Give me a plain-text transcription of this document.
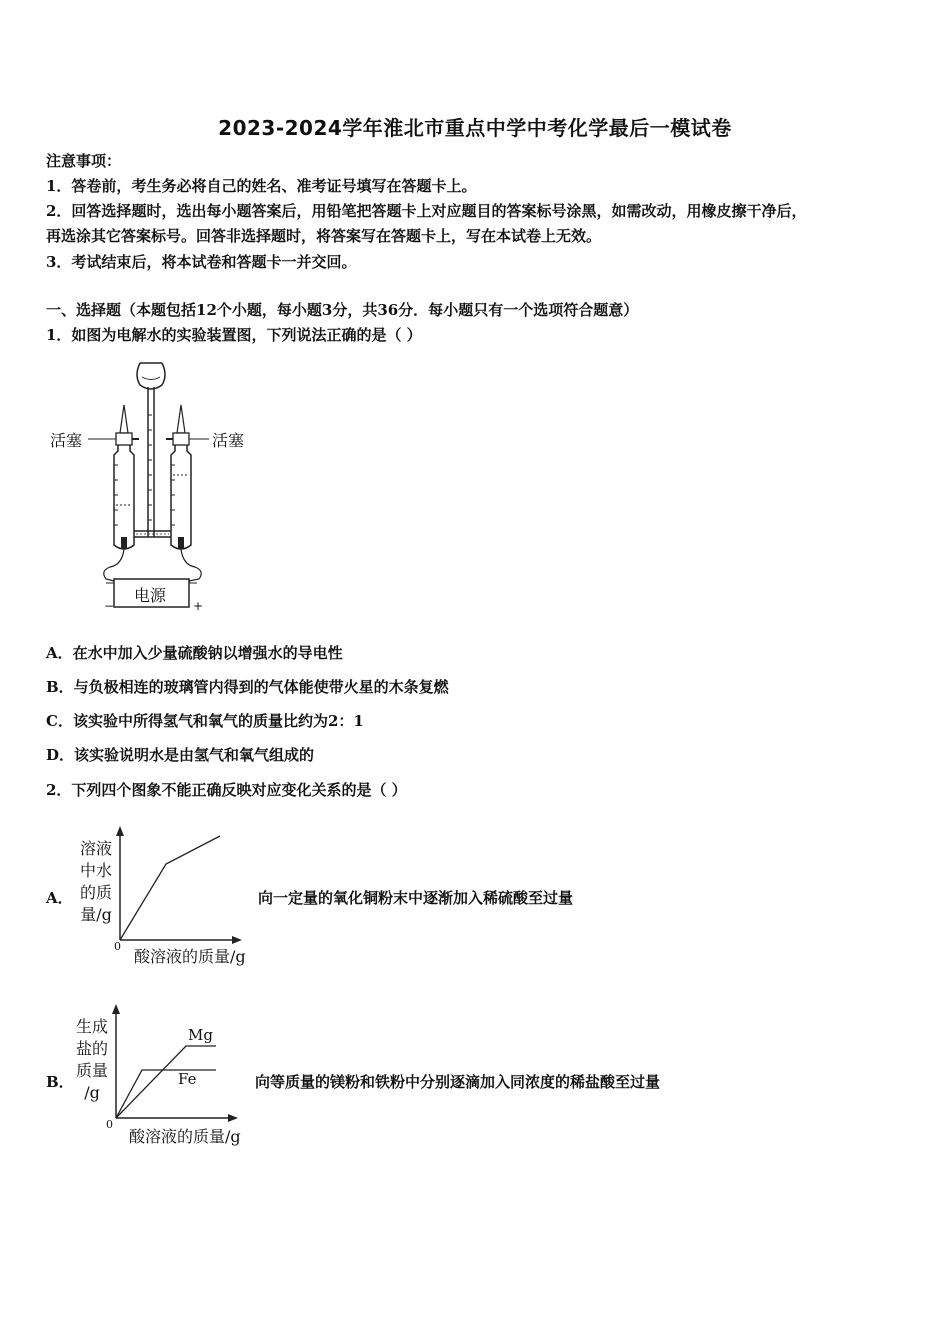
2023-2024学年淮北市重点中学中考化学最后一模试卷
注意事项：
1．答卷前，考生务必将自己的姓名、准考证号填写在答题卡上。
2．回答选择题时，选出每小题答案后，用铅笔把答题卡上对应题目的答案标号涂黑，如需改动，用橡皮擦干净后，
再选涂其它答案标号。回答非选择题时，将答案写在答题卡上，写在本试卷上无效。
3．考试结束后，将本试卷和答题卡一并交回。
一、选择题（本题包括12个小题，每小题3分，共36分．每小题只有一个选项符合题意）
1．如图为电解水的实验装置图，下列说法正确的是（ ）
活塞	活塞
电源
−	+
A．在水中加入少量硫酸钠以增强水的导电性
B．与负极相连的玻璃管内得到的气体能使带火星的木条复燃
C．该实验中所得氢气和氧气的质量比约为2：1
D．该实验说明水是由氢气和氧气组成的
2．下列四个图象不能正确反映对应变化关系的是（ ）
A．
溶液
中水
的质
量/g
0
酸溶液的质量/g
向一定量的氧化铜粉末中逐渐加入稀硫酸至过量
B．
生成
盐的
质量
/g
Mg
Fe
0
酸溶液的质量/g
向等质量的镁粉和铁粉中分别逐滴加入同浓度的稀盐酸至过量
